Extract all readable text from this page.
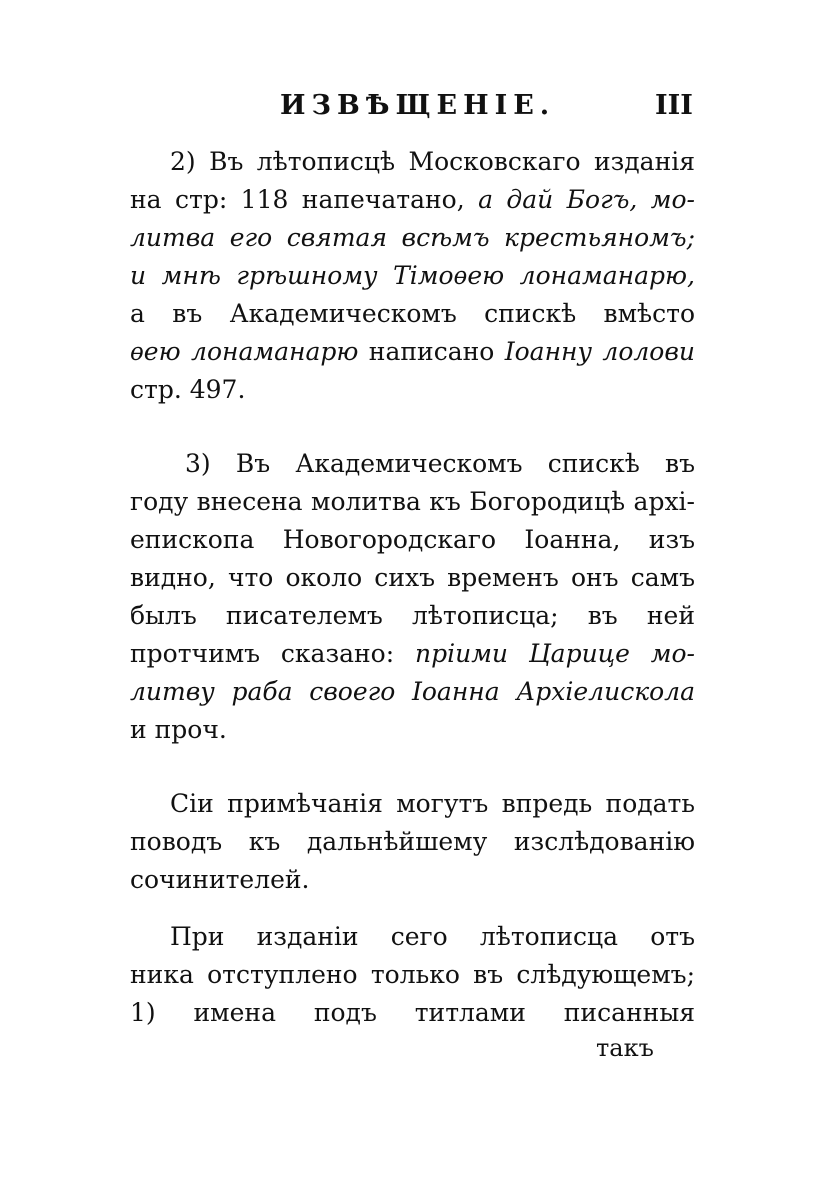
ИЗВѢЩЕНІЕ.	III
2) Въ лѣтописцѣ Московскаго изданія
на стр: 118 напечатано, а дай Богъ, мо-
литва его святая всѣмъ крестьяномъ;
и мнѣ грѣшному Тімоѳею лонаманарю,
а въ Академическомъ спискѣ вмѣсто
ѳею лонаманарю написано Іоанну лолови
стр. 497.
3) Въ Академическомъ спискѣ въ
году внесена молитва къ Богородицѣ архі-
епископа Новогородскаго Іоанна, изъ
видно, что около сихъ временъ онъ самъ
былъ писателемъ лѣтописца; въ ней
протчимъ сказано: пріими Царице мо-
литву раба своего Іоанна Архіелискола
и проч.
Сіи примѣчанія могутъ впредь подать
поводъ къ дальнѣйшему изслѣдованію
сочинителей.
При изданіи сего лѣтописца отъ
ника отступлено только въ слѣдующемъ;
1) имена подъ титлами писанныя
такъ
